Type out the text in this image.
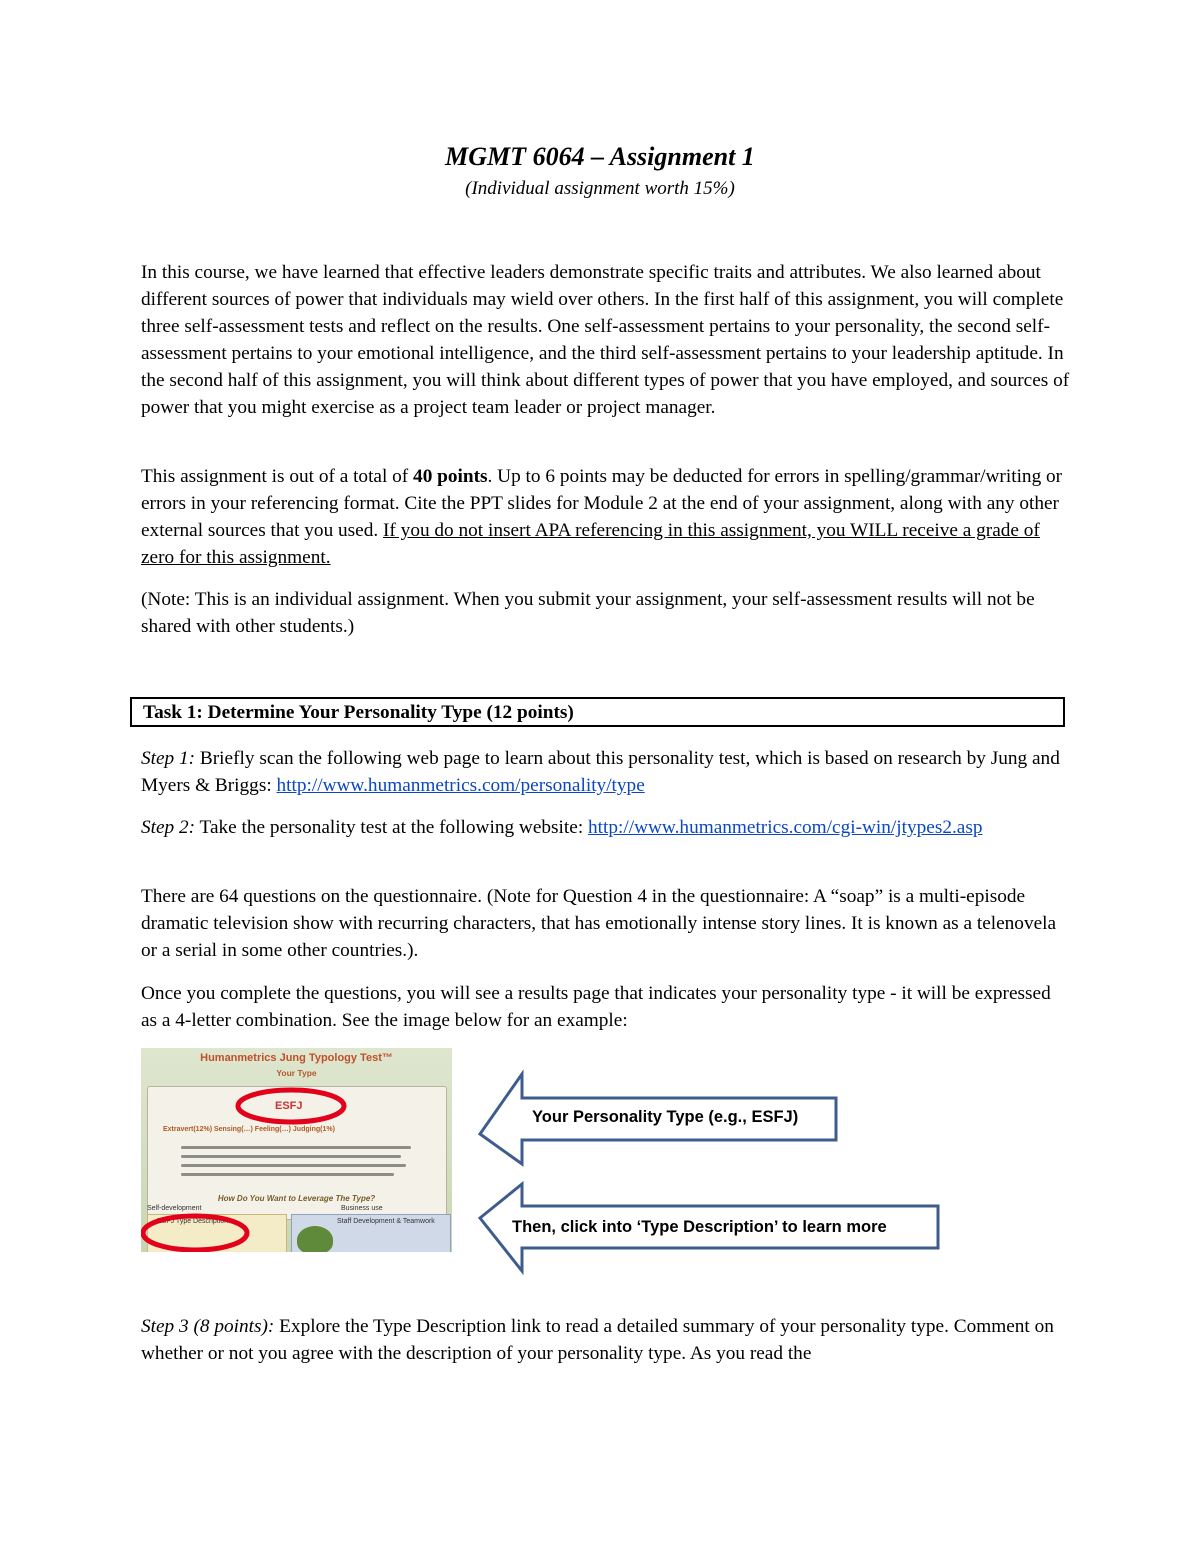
MGMT 6064 – Assignment 1
(Individual assignment worth 15%)

In this course, we have learned that effective leaders demonstrate specific traits and attributes. We also learned about different sources of power that individuals may wield over others. In the first half of this assignment, you will complete three self-assessment tests and reflect on the results. One self-assessment pertains to your personality, the second self-assessment pertains to your emotional intelligence, and the third self-assessment pertains to your leadership aptitude. In the second half of this assignment, you will think about different types of power that you have employed, and sources of power that you might exercise as a project team leader or project manager.

This assignment is out of a total of 40 points. Up to 6 points may be deducted for errors in spelling/grammar/writing or errors in your referencing format. Cite the PPT slides for Module 2 at the end of your assignment, along with any other external sources that you used. If you do not insert APA referencing in this assignment, you WILL receive a grade of zero for this assignment.

(Note: This is an individual assignment. When you submit your assignment, your self-assessment results will not be shared with other students.)

Task 1: Determine Your Personality Type (12 points)

Step 1: Briefly scan the following web page to learn about this personality test, which is based on research by Jung and Myers & Briggs: http://www.humanmetrics.com/personality/type

Step 2: Take the personality test at the following website: http://www.humanmetrics.com/cgi-win/jtypes2.asp

There are 64 questions on the questionnaire. (Note for Question 4 in the questionnaire: A “soap” is a multi-episode dramatic television show with recurring characters, that has emotionally intense story lines. It is known as a telenovela or a serial in some other countries.).

Once you complete the questions, you will see a results page that indicates your personality type - it will be expressed as a 4-letter combination. See the image below for an example:

Humanmetrics Jung Typology Test™
Your Type
ESFJ
Extravert(12%) Sensing(…) Feeling(…) Judging(1%)
How Do You Want to Leverage The Type?
Self-development	Business use
ESFJ Type Description	Staff Development & Teamwork
Your Personality Type (e.g., ESFJ)
Then, click into ‘Type Description’ to learn more

Step 3 (8 points): Explore the Type Description link to read a detailed summary of your personality type. Comment on whether or not you agree with the description of your personality type. As you read the
